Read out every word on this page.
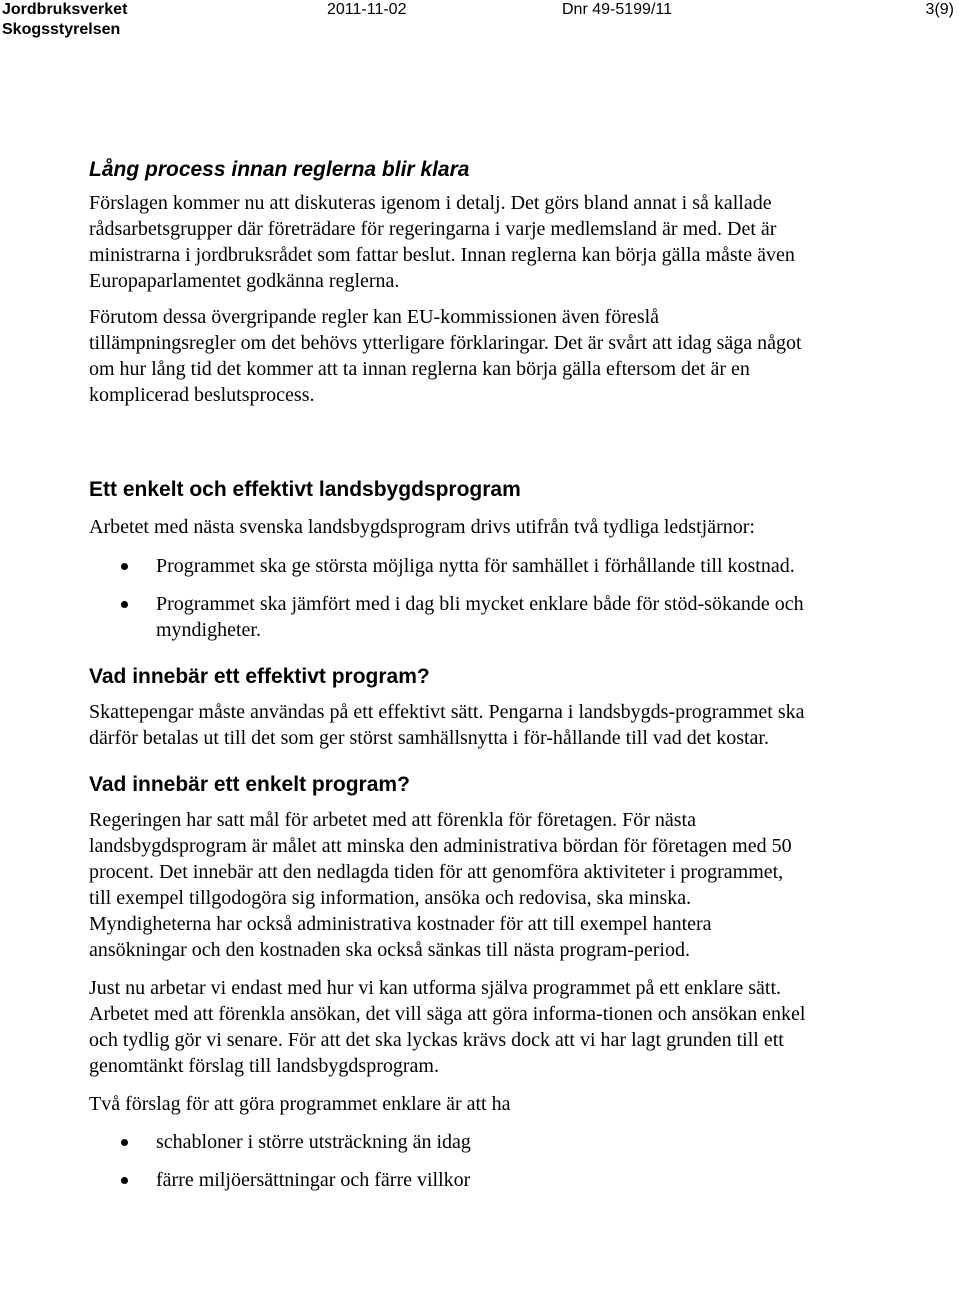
Jordbruksverket
Skogsstyrelsen
2011-11-02	Dnr 49-5199/11	3(9)
Lång process innan reglerna blir klara

Förslagen kommer nu att diskuteras igenom i detalj. Det görs bland annat i så kallade rådsarbetsgrupper där företrädare för regeringarna i varje medlemsland är med. Det är ministrarna i jordbruksrådet som fattar beslut. Innan reglerna kan börja gälla måste även Europaparlamentet godkänna reglerna.

Förutom dessa övergripande regler kan EU-kommissionen även föreslå tillämpningsregler om det behövs ytterligare förklaringar. Det är svårt att idag säga något om hur lång tid det kommer att ta innan reglerna kan börja gälla eftersom det är en komplicerad beslutsprocess.

Ett enkelt och effektivt landsbygdsprogram

Arbetet med nästa svenska landsbygdsprogram drivs utifrån två tydliga ledstjärnor:

Programmet ska ge största möjliga nytta för samhället i förhållande till kostnad.
Programmet ska jämfört med i dag bli mycket enklare både för stöd-sökande och myndigheter.
Vad innebär ett effektivt program?

Skattepengar måste användas på ett effektivt sätt. Pengarna i landsbygds-programmet ska därför betalas ut till det som ger störst samhällsnytta i för-hållande till vad det kostar.

Vad innebär ett enkelt program?

Regeringen har satt mål för arbetet med att förenkla för företagen. För nästa landsbygdsprogram är målet att minska den administrativa bördan för företagen med 50 procent. Det innebär att den nedlagda tiden för att genomföra aktiviteter i programmet, till exempel tillgodogöra sig information, ansöka och redovisa, ska minska. Myndigheterna har också administrativa kostnader för att till exempel hantera ansökningar och den kostnaden ska också sänkas till nästa program-period.

Just nu arbetar vi endast med hur vi kan utforma själva programmet på ett enklare sätt. Arbetet med att förenkla ansökan, det vill säga att göra informa-tionen och ansökan enkel och tydlig gör vi senare. För att det ska lyckas krävs dock att vi har lagt grunden till ett genomtänkt förslag till landsbygdsprogram.

Två förslag för att göra programmet enklare är att ha

schabloner i större utsträckning än idag
färre miljöersättningar och färre villkor
